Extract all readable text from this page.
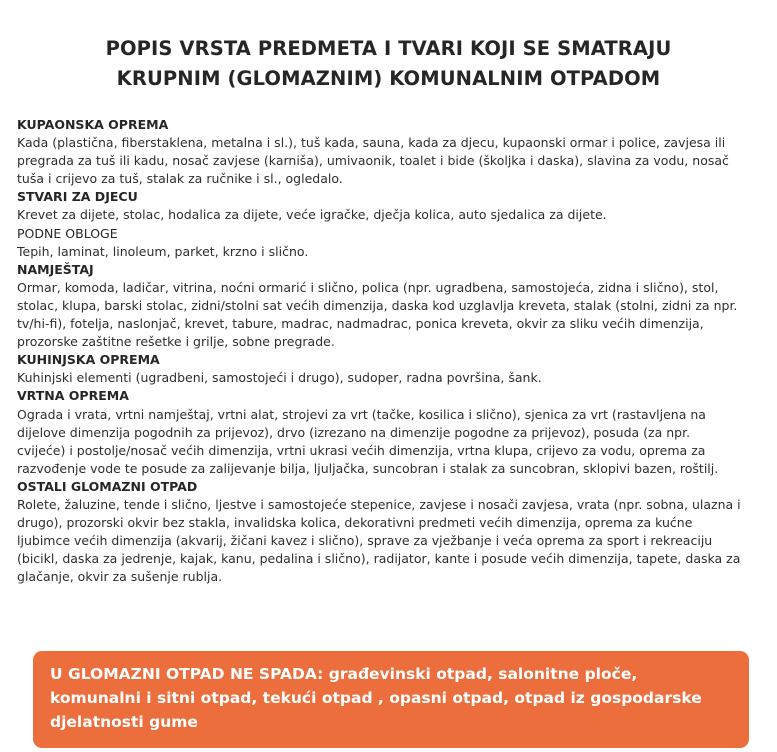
POPIS VRSTA PREDMETA I TVARI KOJI SE SMATRAJU
KRUPNIM (GLOMAZNIM) KOMUNALNIM OTPADOM
KUPAONSKA OPREMA
Kada (plastična, fiberstaklena, metalna i sl.), tuš kada, sauna, kada za djecu, kupaonski ormar i police, zavjesa ili
pregrada za tuš ili kadu, nosač zavjese (karniša), umivaonik, toalet i bide (školjka i daska), slavina za vodu, nosač
tuša i crijevo za tuš, stalak za ručnike i sl., ogledalo.
STVARI ZA DJECU
Krevet za dijete, stolac, hodalica za dijete, veće igračke, dječja kolica, auto sjedalica za dijete.
PODNE OBLOGE
Tepih, laminat, linoleum, parket, krzno i slično.
NAMJEŠTAJ
Ormar, komoda, ladičar, vitrina, noćni ormarić i slično, polica (npr. ugradbena, samostojeća, zidna i slično), stol,
stolac, klupa, barski stolac, zidni/stolni sat većih dimenzija, daska kod uzglavlja kreveta, stalak (stolni, zidni za npr.
tv/hi-fi), fotelja, naslonjač, krevet, tabure, madrac, nadmadrac, ponica kreveta, okvir za sliku većih dimenzija,
prozorske zaštitne rešetke i grilje, sobne pregrade.
KUHINJSKA OPREMA
Kuhinjski elementi (ugradbeni, samostojeći i drugo), sudoper, radna površina, šank.
VRTNA OPREMA
Ograda i vrata, vrtni namještaj, vrtni alat, strojevi za vrt (tačke, kosilica i slično), sjenica za vrt (rastavljena na
dijelove dimenzija pogodnih za prijevoz), drvo (izrezano na dimenzije pogodne za prijevoz), posuda (za npr.
cvijeće) i postolje/nosač većih dimenzija, vrtni ukrasi većih dimenzija, vrtna klupa, crijevo za vodu, oprema za
razvođenje vode te posude za zalijevanje bilja, ljuljačka, suncobran i stalak za suncobran, sklopivi bazen, roštilj.
OSTALI GLOMAZNI OTPAD
Rolete, žaluzine, tende i slično, ljestve i samostojeće stepenice, zavjese i nosači zavjesa, vrata (npr. sobna, ulazna i
drugo), prozorski okvir bez stakla, invalidska kolica, dekorativni predmeti većih dimenzija, oprema za kućne
ljubimce većih dimenzija (akvarij, žičani kavez i slično), sprave za vježbanje i veća oprema za sport i rekreaciju
(bicikl, daska za jedrenje, kajak, kanu, pedalina i slično), radijator, kante i posude većih dimenzija, tapete, daska za
glačanje, okvir za sušenje rublja.
U GLOMAZNI OTPAD NE SPADA: građevinski otpad, salonitne ploče,
komunalni i sitni otpad, tekući otpad , opasni otpad, otpad iz gospodarske
djelatnosti gume
